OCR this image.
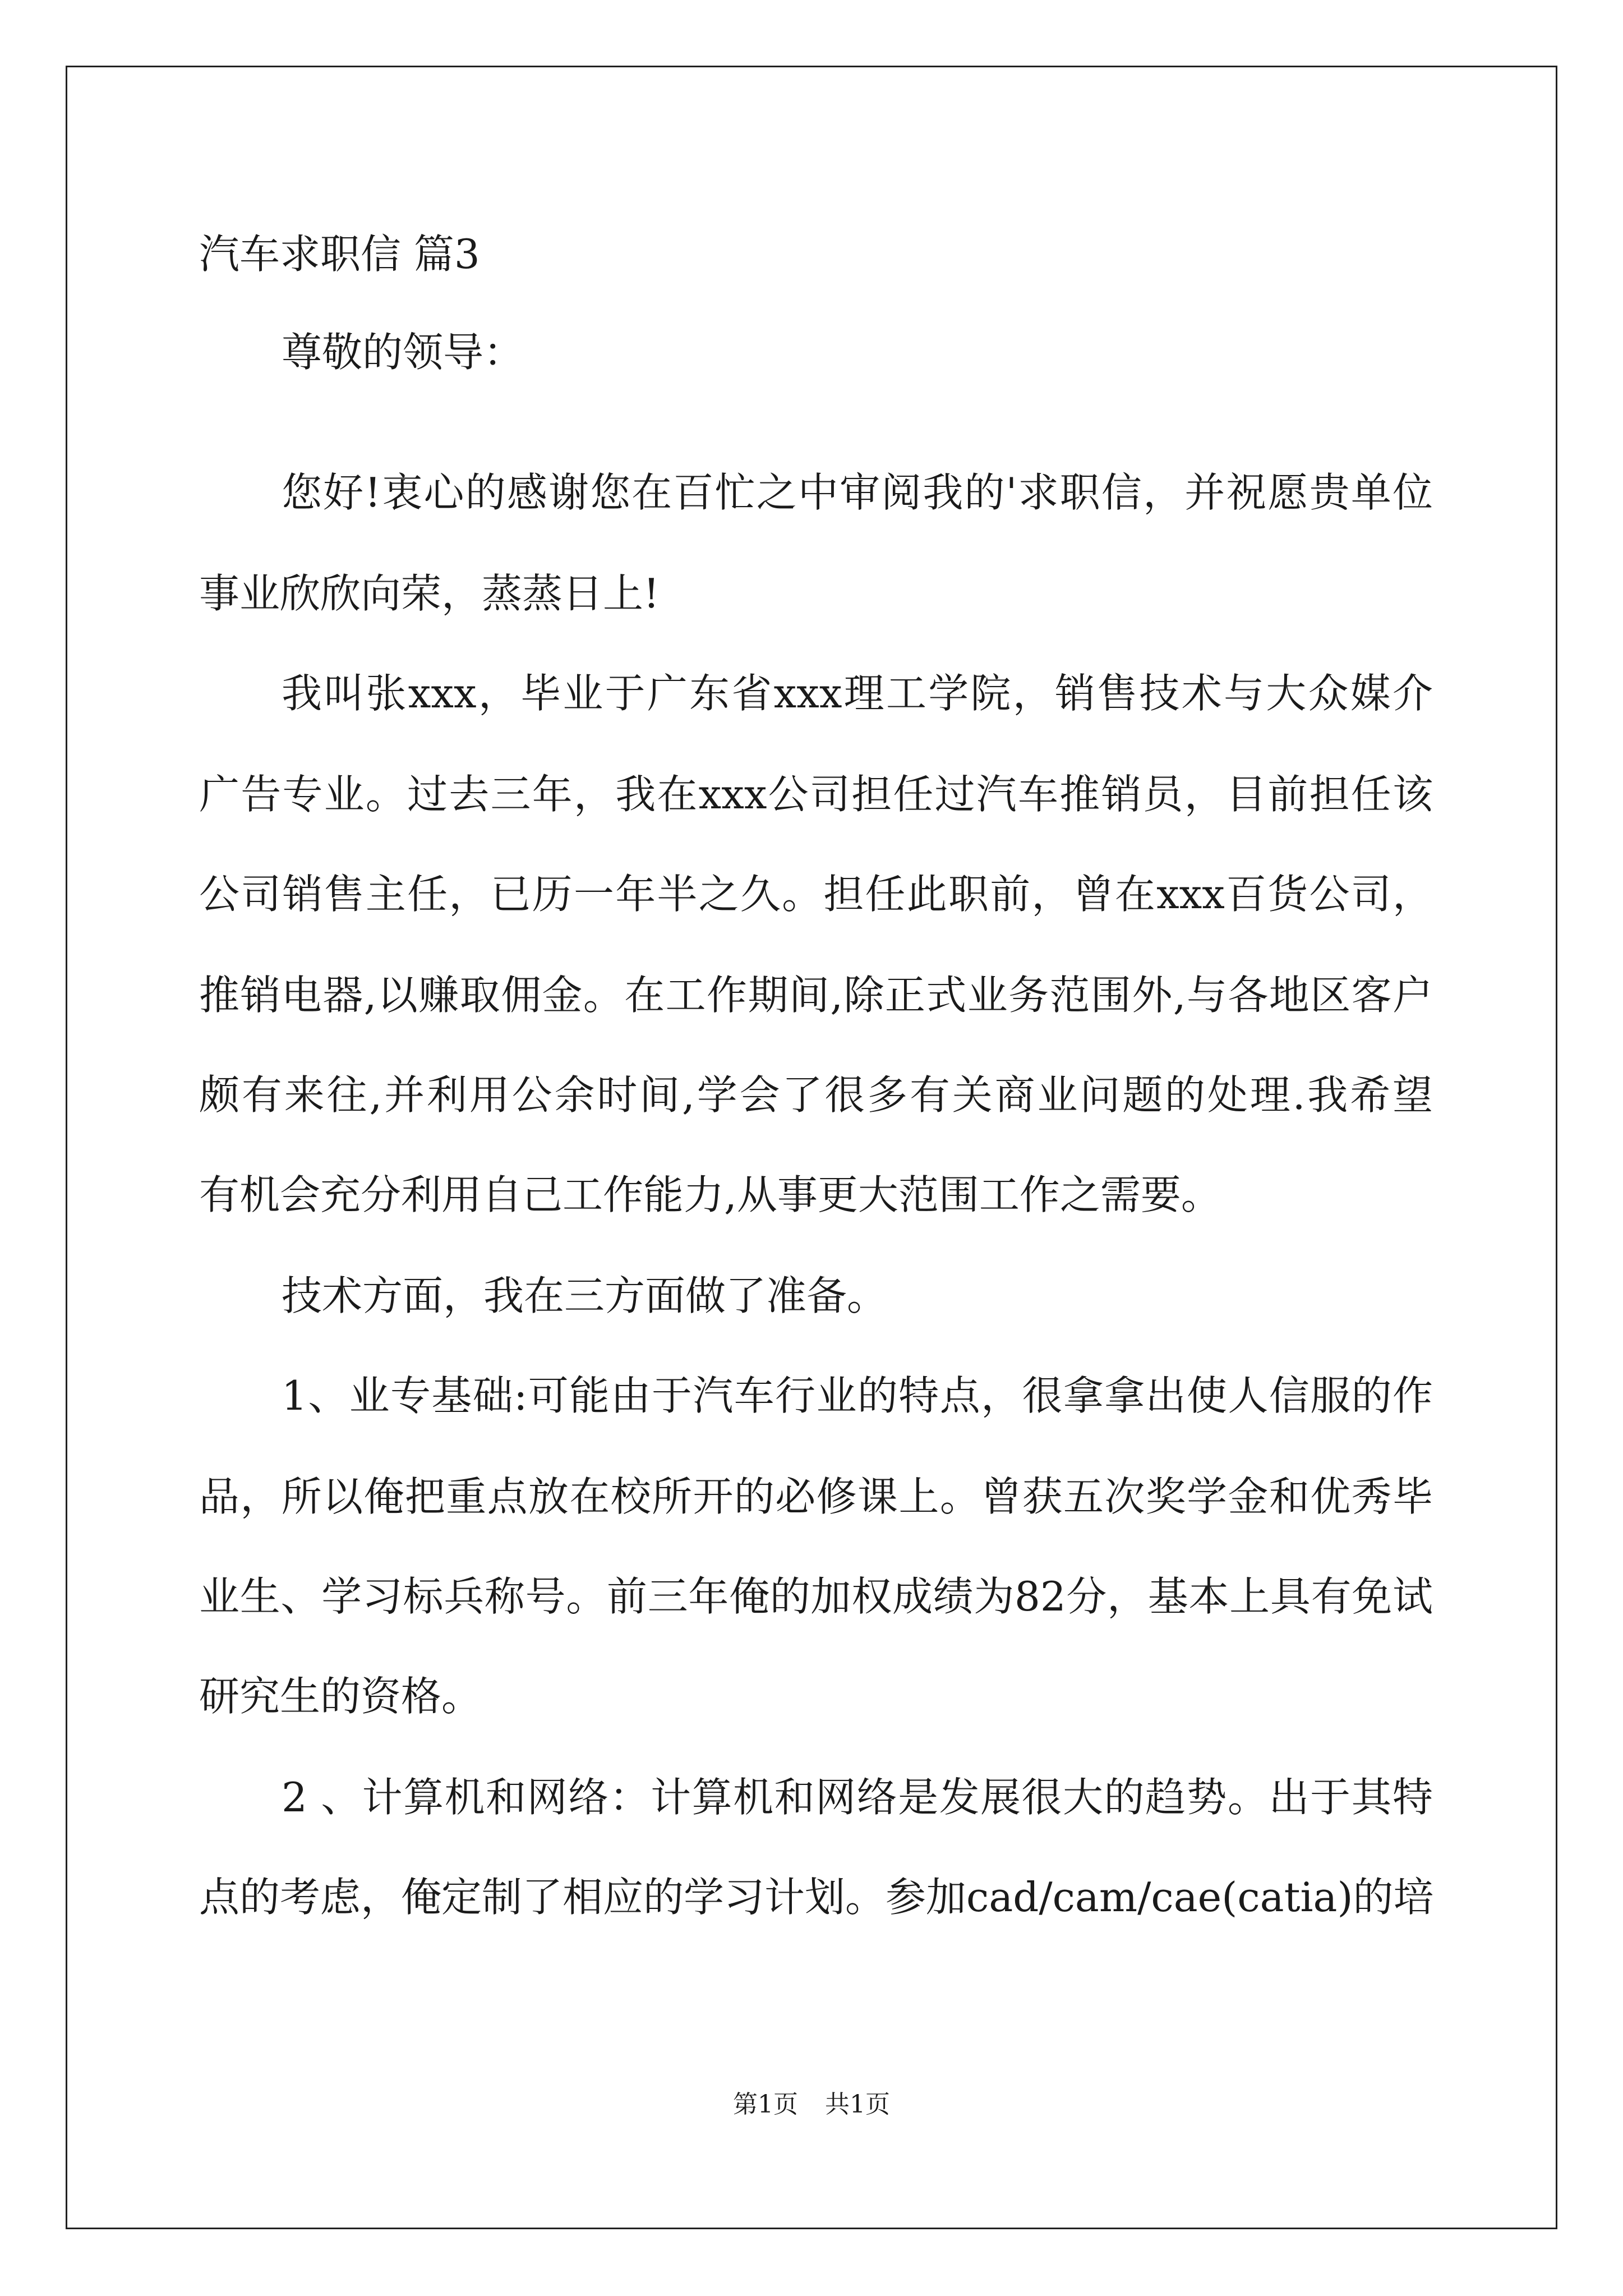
汽车求职信 篇3
尊敬的领导：
您好!衷心的感谢您在百忙之中审阅我的'求职信，并祝愿贵单位
事业欣欣向荣，蒸蒸日上!
我叫张xxx，毕业于广东省xxx理工学院，销售技术与大众媒介
广告专业。过去三年，我在xxx公司担任过汽车推销员，目前担任该
公司销售主任，已历一年半之久。担任此职前，曾在xxx百货公司，
推销电器,以赚取佣金。在工作期间,除正式业务范围外,与各地区客户
颇有来往,并利用公余时间,学会了很多有关商业问题的处理.我希望
有机会充分利用自己工作能力,从事更大范围工作之需要。
技术方面，我在三方面做了准备。
1、业专基础:可能由于汽车行业的特点，很拿拿出使人信服的作
品，所以俺把重点放在校所开的必修课上。曾获五次奖学金和优秀毕
业生、学习标兵称号。前三年俺的加权成绩为82分，基本上具有免试
研究生的资格。
2 、计算机和网络：计算机和网络是发展很大的趋势。出于其特
点的考虑，俺定制了相应的学习计划。参加cad/cam/cae(catia)的培
第1页 共1页
